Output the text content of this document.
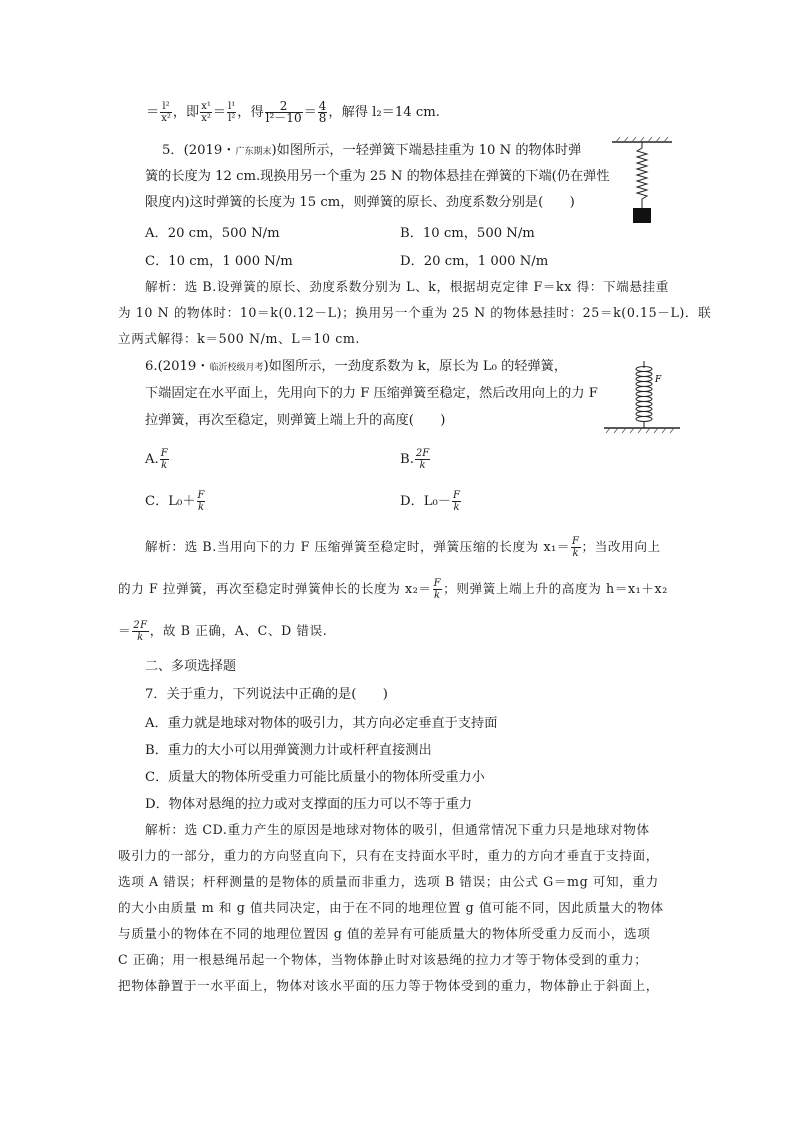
＝ $\frac{\text{l²}}{\text{x²}}$ ，即 $\frac{\text{x¹}}{\text{x²}} = \frac{\text{l¹}}{\text{l²}}$ ，得 $\frac{2}{\text{l²－10}} = \frac{4}{8}$ ，解得 l₂＝14 cm.
5．(2019・广东期末)如图所示，一轻弹簧下端悬挂重为 10 N 的物体时弹
簧的长度为 12 cm.现换用另一个重为 25 N 的物体悬挂在弹簧的下端(仍在弹性
限度内)这时弹簧的长度为 15 cm，则弹簧的原长、劲度系数分别是(　　)
A．20 cm，500 N/m	B．10 cm，500 N/m
C．10 cm，1 000 N/m	D．20 cm，1 000 N/m
解析：选 B.设弹簧的原长、劲度系数分别为 L、k，根据胡克定律 F＝kx 得：下端悬挂重
为 10 N 的物体时：10＝k(0.12－L)；换用另一个重为 25 N 的物体悬挂时：25＝k(0.15－L)．联
立两式解得：k＝500 N/m、L＝10 cm.
6.(2019・临沂校级月考)如图所示，一劲度系数为 k，原长为 L₀ 的轻弹簧，
下端固定在水平面上，先用向下的力 F 压缩弹簧至稳定，然后改用向上的力 F
拉弹簧，再次至稳定，则弹簧上端上升的高度(　　)
F
A. $\frac{F}{k}$	B. $\frac{2F}{k}$
C．$L_0+ \frac{F}{k}$	D．$L_0- \frac{F}{k}$
解析：选 B.当用向下的力 F 压缩弹簧至稳定时，弹簧压缩的长度为 $x_1= \frac{F}{k}$ ；当改用向上
的力 F 拉弹簧，再次至稳定时弹簧伸长的长度为 $x_2= \frac{F}{k}$ ；则弹簧上端上升的高度为 h＝x₁＋x₂
＝ $\frac{2F}{k}$ ，故 B 正确，A、C、D 错误.
二、多项选择题
7．关于重力，下列说法中正确的是(　　)
A．重力就是地球对物体的吸引力，其方向必定垂直于支持面
B．重力的大小可以用弹簧测力计或杆秤直接测出
C．质量大的物体所受重力可能比质量小的物体所受重力小
D．物体对悬绳的拉力或对支撑面的压力可以不等于重力
解析：选 CD.重力产生的原因是地球对物体的吸引，但通常情况下重力只是地球对物体
吸引力的一部分，重力的方向竖直向下，只有在支持面水平时，重力的方向才垂直于支持面，
选项 A 错误；杆秤测量的是物体的质量而非重力，选项 B 错误；由公式 G＝mg 可知，重力
的大小由质量 m 和 g 值共同决定，由于在不同的地理位置 g 值可能不同，因此质量大的物体
与质量小的物体在不同的地理位置因 g 值的差异有可能质量大的物体所受重力反而小，选项
C 正确；用一根悬绳吊起一个物体，当物体静止时对该悬绳的拉力才等于物体受到的重力；
把物体静置于一水平面上，物体对该水平面的压力等于物体受到的重力，物体静止于斜面上，
